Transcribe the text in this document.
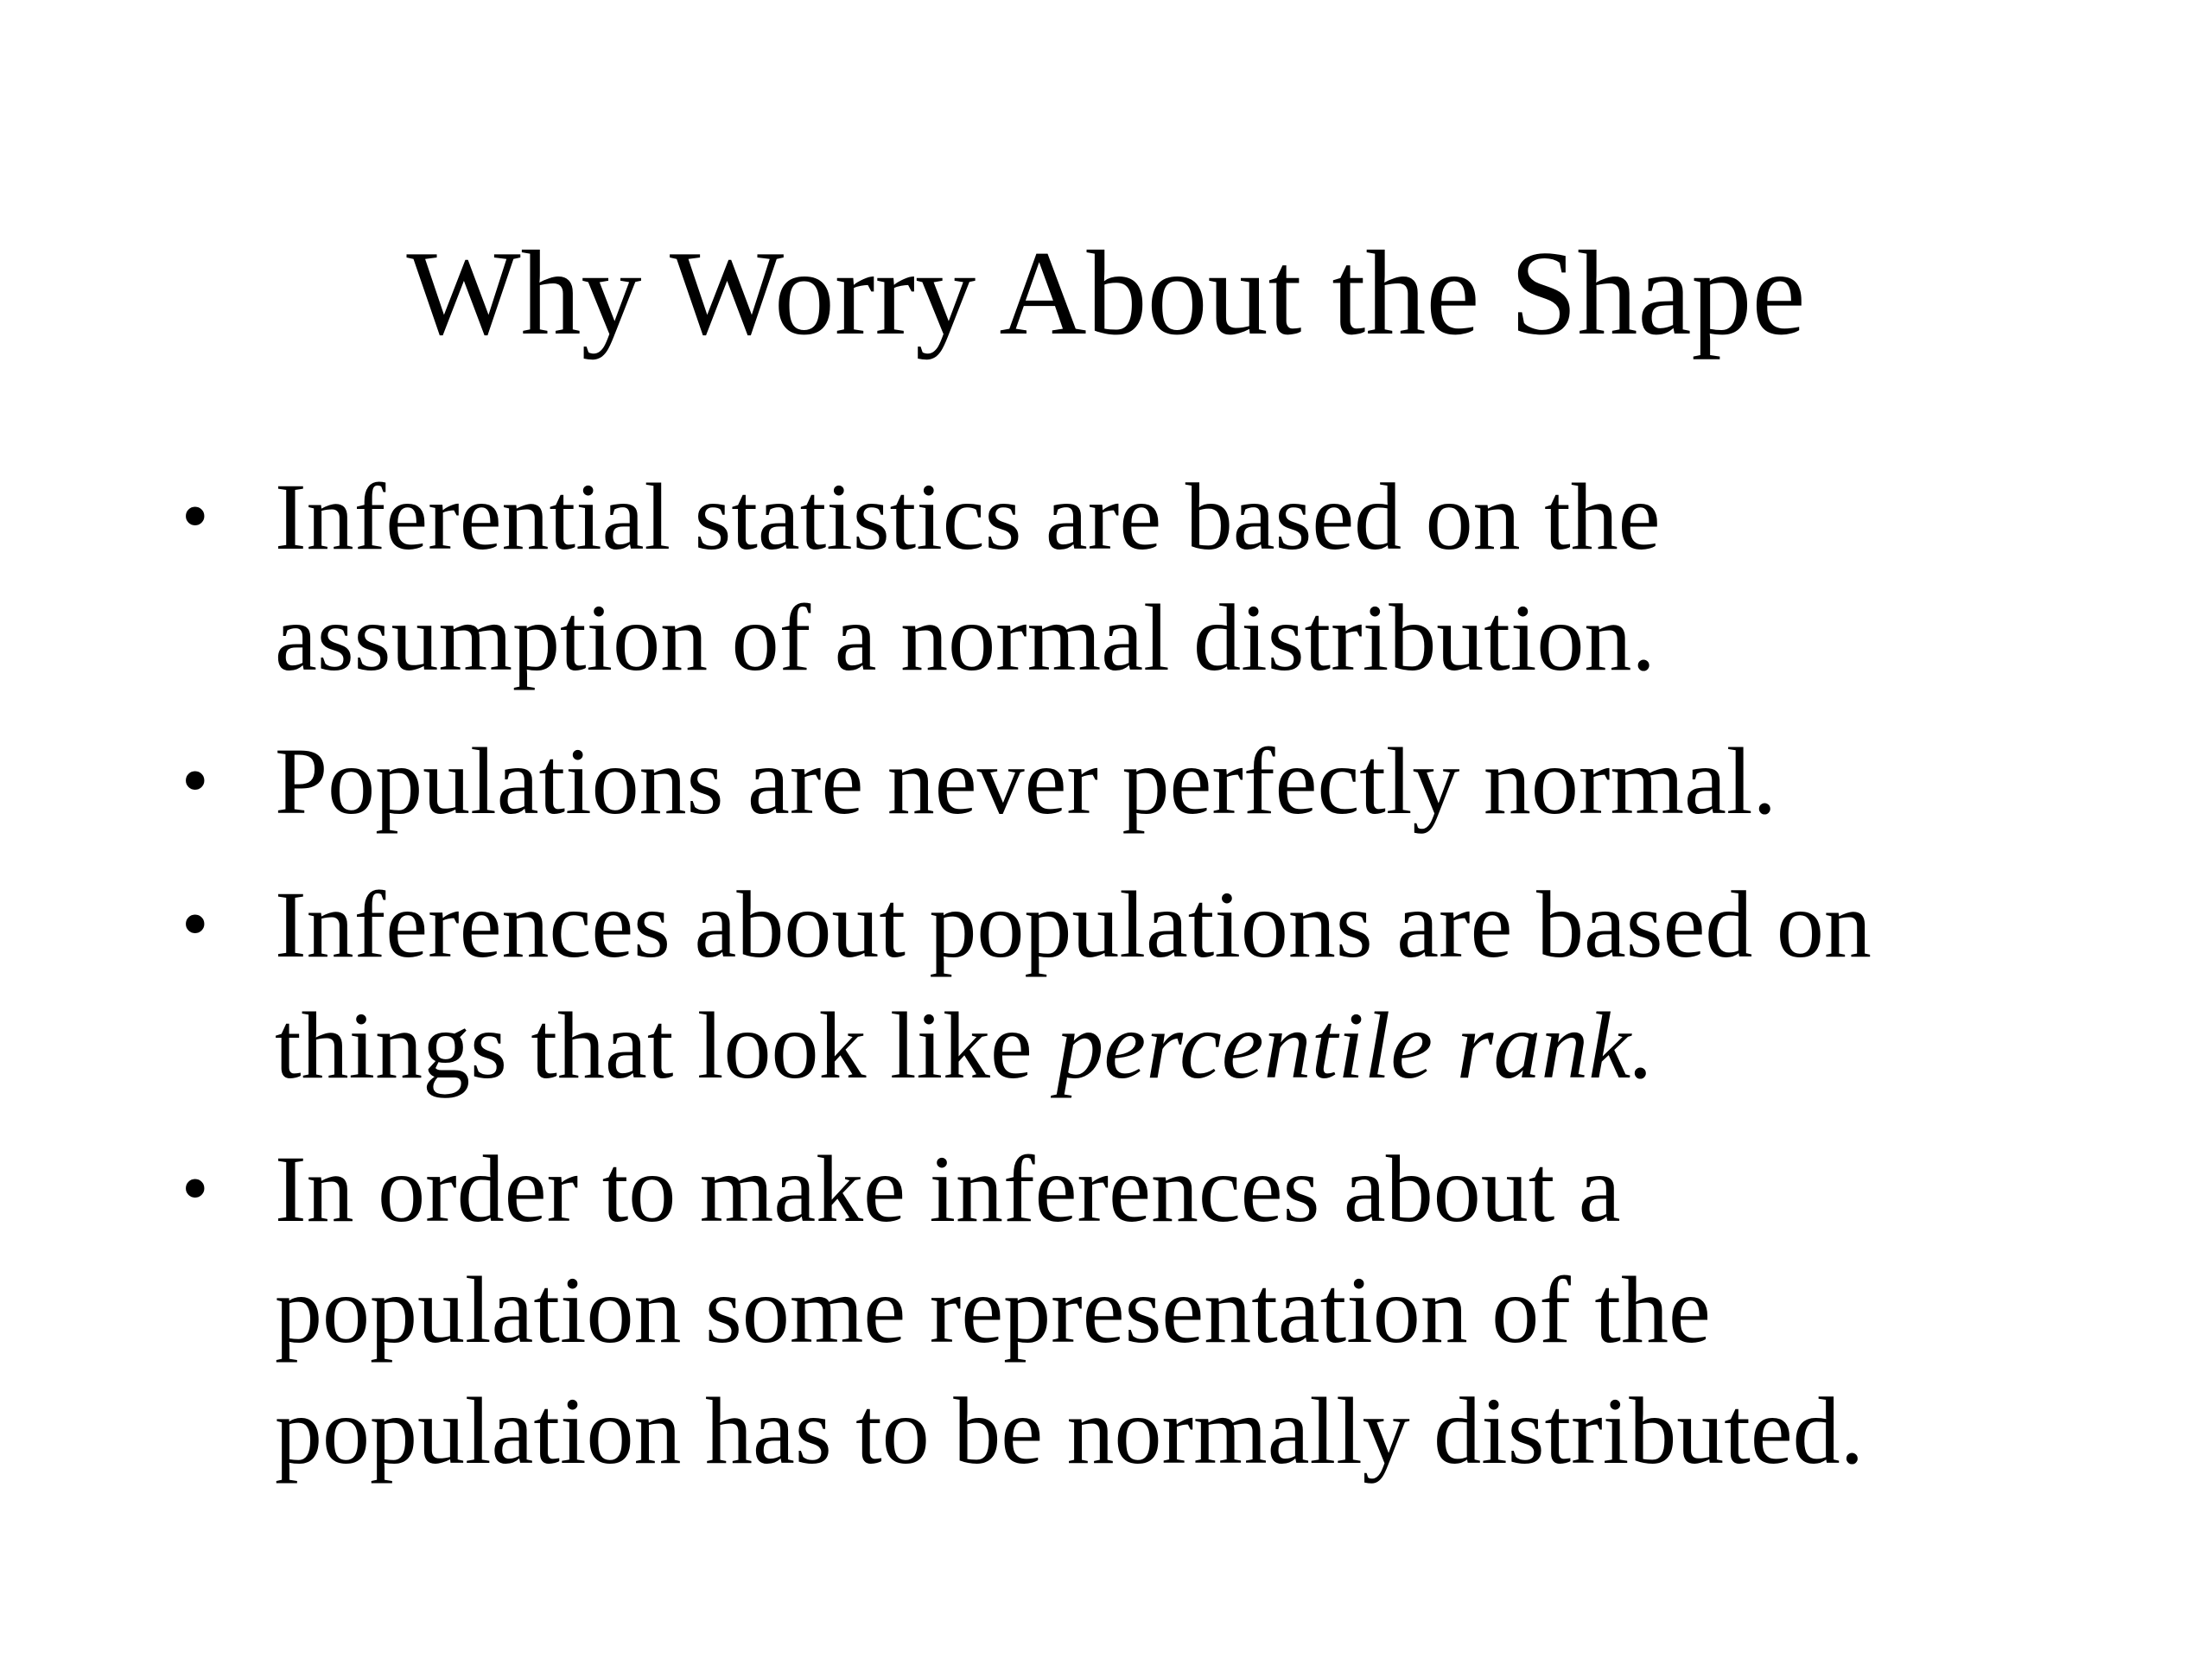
Why Worry About the Shape
• Inferential statistics are based on the
assumption of a normal distribution.
• Populations are never perfectly normal.
• Inferences about populations are based on
things that look like percentile rank.
• In order to make inferences about a
population some representation of the
population has to be normally distributed.
